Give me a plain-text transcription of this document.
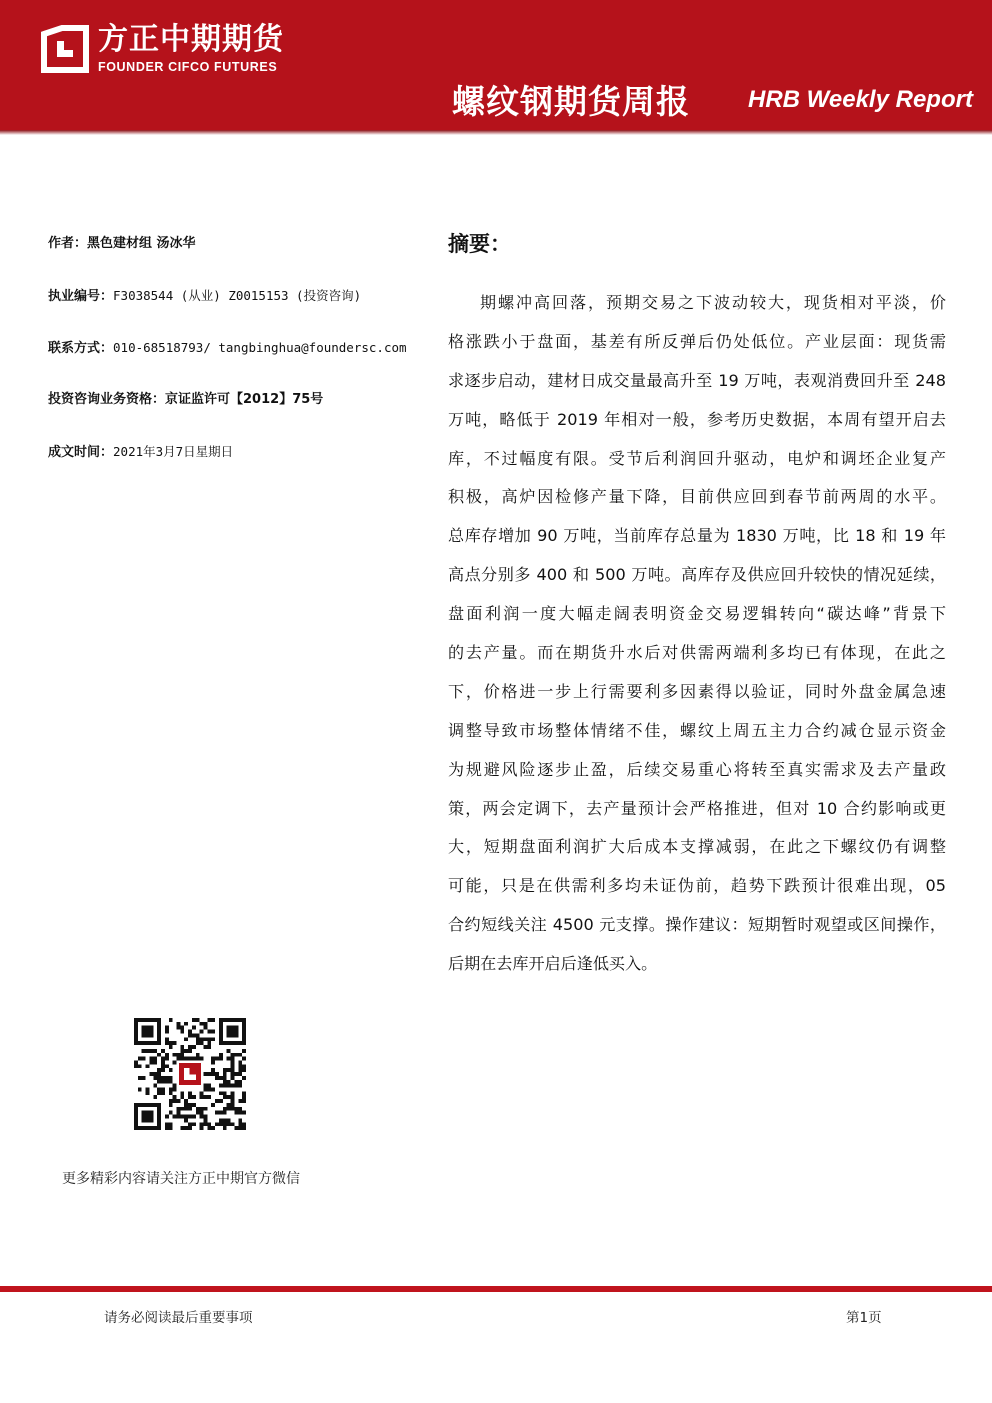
方正中期期货
FOUNDER CIFCO FUTURES
螺纹钢期货周报 HRB Weekly Report
作者：黑色建材组 汤冰华
执业编号：F3038544 (从业) Z0015153 (投资咨询)
联系方式：010-68518793/ tangbinghua@foundersc.com
投资咨询业务资格：京证监许可【2012】75号
成文时间：2021年3月7日星期日
摘要：
期螺冲高回落，预期交易之下波动较大，现货相对平淡，价
格涨跌小于盘面，基差有所反弹后仍处低位。产业层面：现货需
求逐步启动，建材日成交量最高升至 19 万吨，表观消费回升至 248
万吨，略低于 2019 年相对一般，参考历史数据，本周有望开启去
库，不过幅度有限。受节后利润回升驱动，电炉和调坯企业复产
积极，高炉因检修产量下降，目前供应回到春节前两周的水平。
总库存增加 90 万吨，当前库存总量为 1830 万吨，比 18 和 19 年
高点分别多 400 和 500 万吨。高库存及供应回升较快的情况延续，
盘面利润一度大幅走阔表明资金交易逻辑转向“碳达峰”背景下
的去产量。而在期货升水后对供需两端利多均已有体现，在此之
下，价格进一步上行需要利多因素得以验证，同时外盘金属急速
调整导致市场整体情绪不佳，螺纹上周五主力合约减仓显示资金
为规避风险逐步止盈，后续交易重心将转至真实需求及去产量政
策，两会定调下，去产量预计会严格推进，但对 10 合约影响或更
大，短期盘面利润扩大后成本支撑减弱，在此之下螺纹仍有调整
可能，只是在供需利多均未证伪前，趋势下跌预计很难出现，05
合约短线关注 4500 元支撑。操作建议：短期暂时观望或区间操作，
后期在去库开启后逢低买入。
更多精彩内容请关注方正中期官方微信
请务必阅读最后重要事项	第1页
